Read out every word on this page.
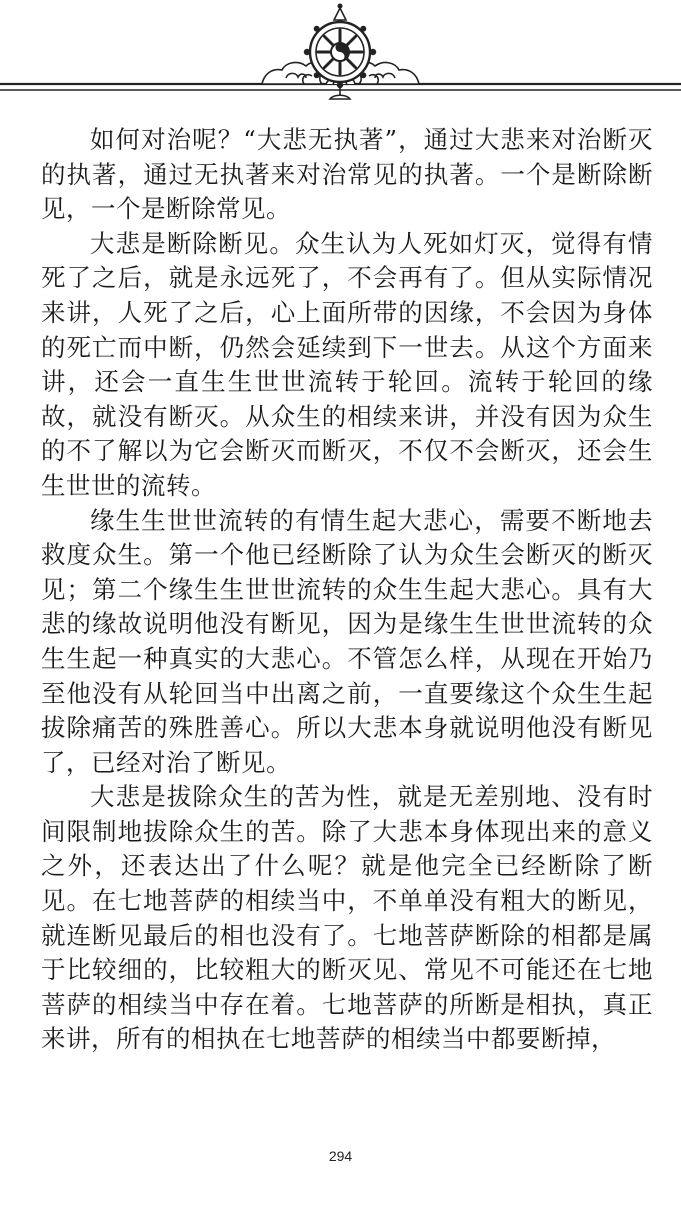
如何对治呢？“大悲无执著”，通过大悲来对治断灭的执著，通过无执著来对治常见的执著。一个是断除断见，一个是断除常见。

大悲是断除断见。众生认为人死如灯灭，觉得有情死了之后，就是永远死了，不会再有了。但从实际情况来讲，人死了之后，心上面所带的因缘，不会因为身体的死亡而中断，仍然会延续到下一世去。从这个方面来讲，还会一直生生世世流转于轮回。流转于轮回的缘故，就没有断灭。从众生的相续来讲，并没有因为众生的不了解以为它会断灭而断灭，不仅不会断灭，还会生生世世的流转。

缘生生世世流转的有情生起大悲心，需要不断地去救度众生。第一个他已经断除了认为众生会断灭的断灭见；第二个缘生生世世流转的众生生起大悲心。具有大悲的缘故说明他没有断见，因为是缘生生世世流转的众生生起一种真实的大悲心。不管怎么样，从现在开始乃至他没有从轮回当中出离之前，一直要缘这个众生生起拔除痛苦的殊胜善心。所以大悲本身就说明他没有断见了，已经对治了断见。

大悲是拔除众生的苦为性，就是无差别地、没有时间限制地拔除众生的苦。除了大悲本身体现出来的意义之外，还表达出了什么呢？就是他完全已经断除了断见。在七地菩萨的相续当中，不单单没有粗大的断见，就连断见最后的相也没有了。七地菩萨断除的相都是属于比较细的，比较粗大的断灭见、常见不可能还在七地菩萨的相续当中存在着。七地菩萨的所断是相执，真正来讲，所有的相执在七地菩萨的相续当中都要断掉，

294
